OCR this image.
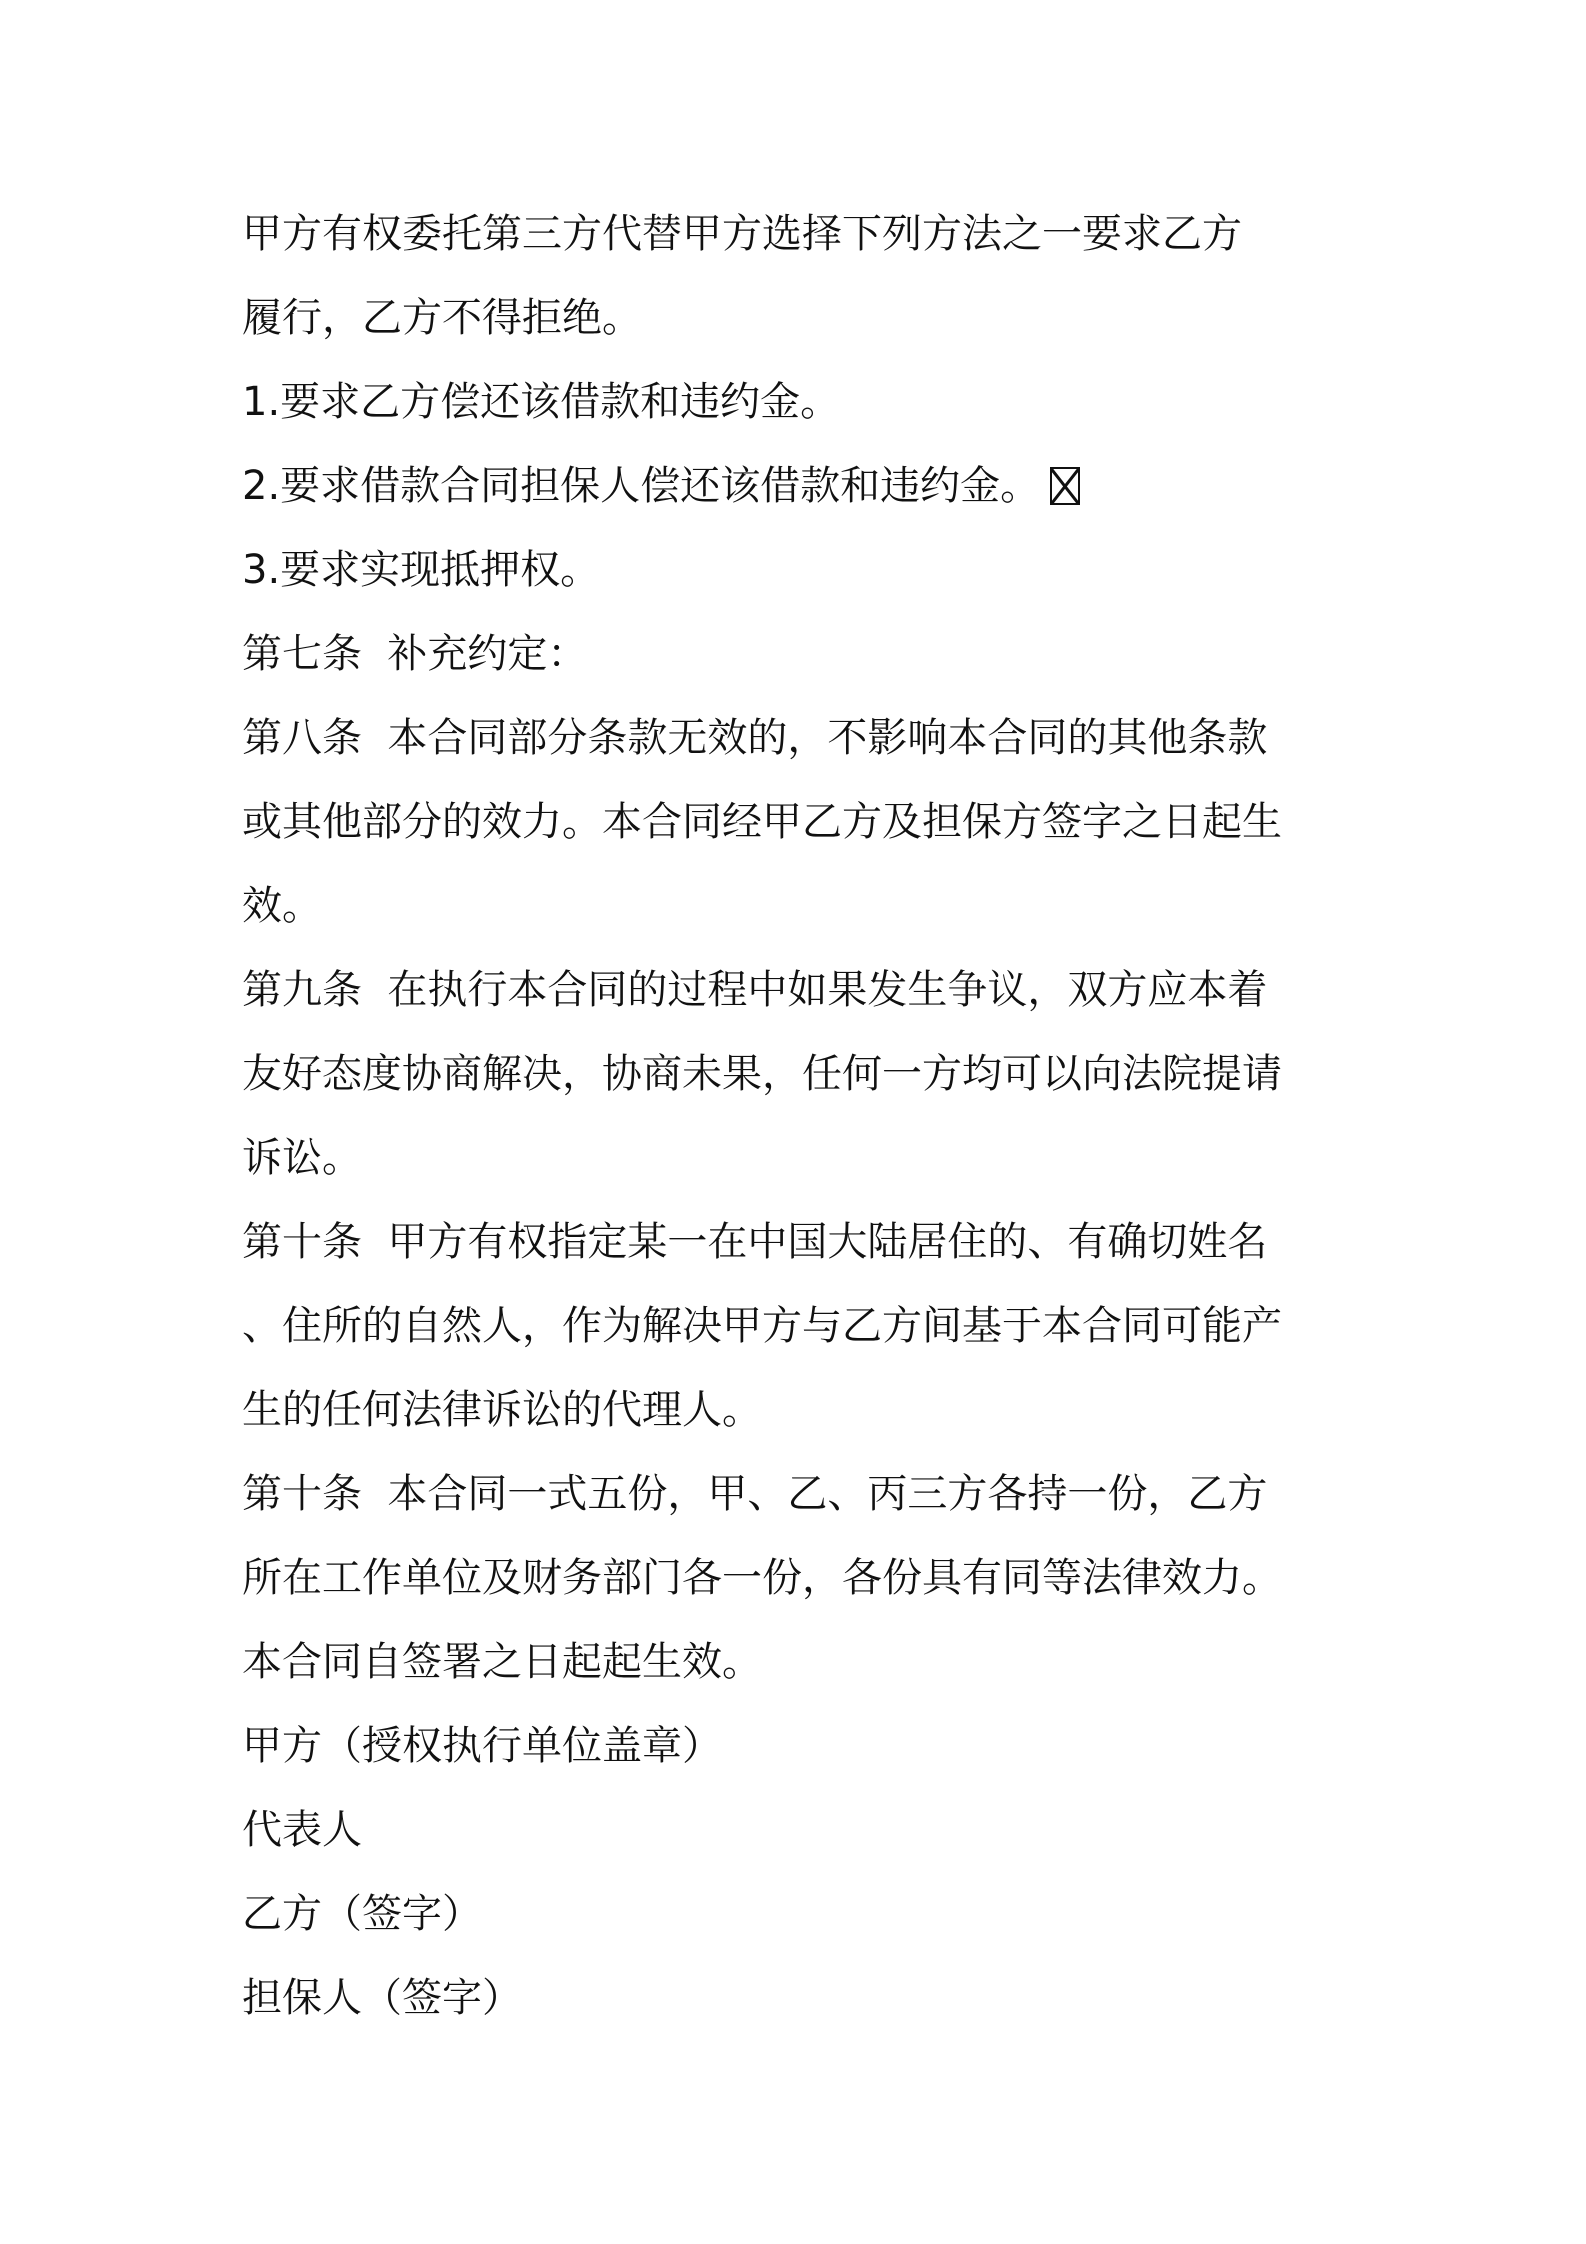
甲方有权委托第三方代替甲方选择下列方法之一要求乙方
履行，乙方不得拒绝。

1.要求乙方偿还该借款和违约金。

2.要求借款合同担保人偿还该借款和违约金。

3.要求实现抵押权。

第七条  补充约定：

第八条  本合同部分条款无效的，不影响本合同的其他条款
或其他部分的效力。本合同经甲乙方及担保方签字之日起生
效。

第九条  在执行本合同的过程中如果发生争议，双方应本着
友好态度协商解决，协商未果，任何一方均可以向法院提请
诉讼。

第十条  甲方有权指定某一在中国大陆居住的、有确切姓名
、住所的自然人，作为解决甲方与乙方间基于本合同可能产
生的任何法律诉讼的代理人。

第十条  本合同一式五份，甲、乙、丙三方各持一份，乙方
所在工作单位及财务部门各一份，各份具有同等法律效力。
本合同自签署之日起起生效。

甲方（授权执行单位盖章）

代表人

乙方（签字）

担保人（签字）
